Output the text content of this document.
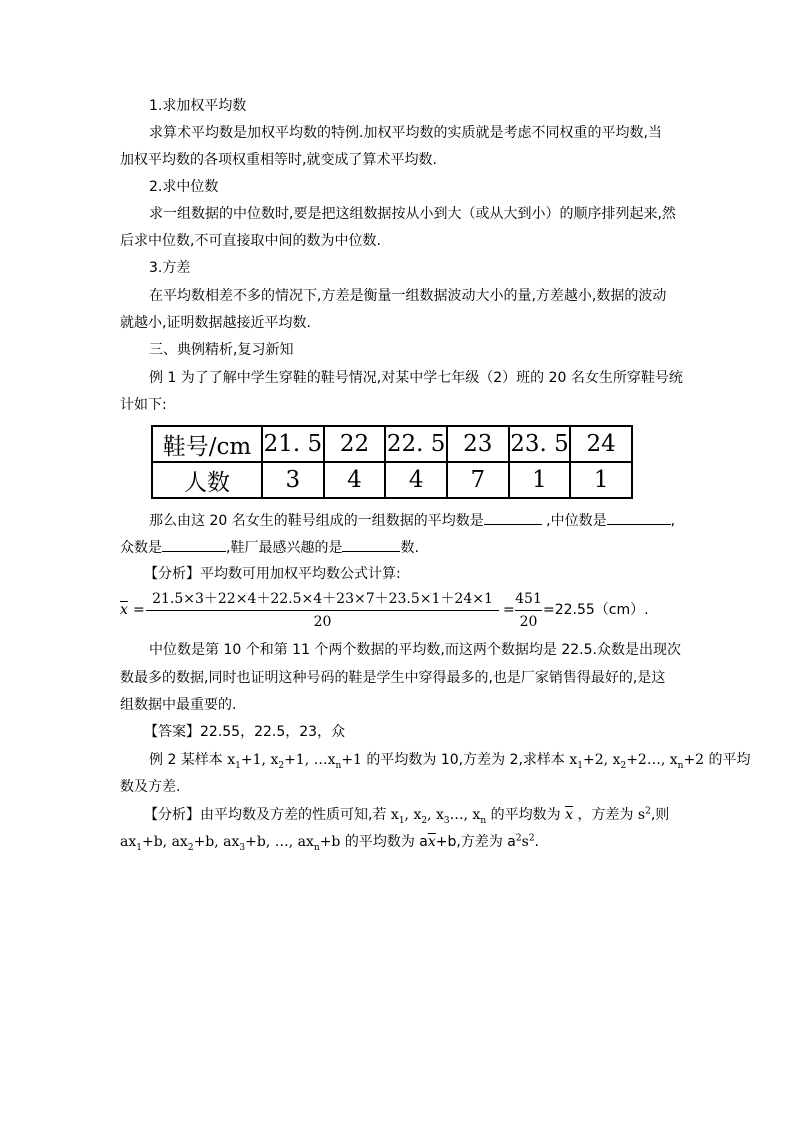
1.求加权平均数
求算术平均数是加权平均数的特例.加权平均数的实质就是考虑不同权重的平均数,当
加权平均数的各项权重相等时,就变成了算术平均数.
2.求中位数
求一组数据的中位数时,要是把这组数据按从小到大（或从大到小）的顺序排列起来,然
后求中位数,不可直接取中间的数为中位数.
3.方差
在平均数相差不多的情况下,方差是衡量一组数据波动大小的量,方差越小,数据的波动
就越小,证明数据越接近平均数.
三、典例精析,复习新知
例 1 为了了解中学生穿鞋的鞋号情况,对某中学七年级（2）班的 20 名女生所穿鞋号统
计如下:
鞋号/cm	21. 5	22	22. 5	23	23. 5	24
人数	3	4	4	7	1	1
那么由这 20 名女生的鞋号组成的一组数据的平均数是	,中位数是	,
众数是	,鞋厂最感兴趣的是	数.
【分析】平均数可用加权平均数公式计算:
$\overline{x}$ =
21.5×3＋22×4＋22.5×4＋23×7＋23.5×1＋24×1
20
=
451
20
=22.55（cm）.
中位数是第 10 个和第 11 个两个数据的平均数,而这两个数据均是 22.5.众数是出现次
数最多的数据,同时也证明这种号码的鞋是学生中穿得最多的,也是厂家销售得最好的,是这
组数据中最重要的.
【答案】22.55，22.5，23，众
例 2 某样本 $x_1+1$, $x_2+1$, $\dots x_n+1$ 的平均数为 10,方差为 2,求样本 $x_1+2$, $x_2+2\dots$, $x_n+2$ 的平均
数及方差.
【分析】由平均数及方差的性质可知,若 $x_1$, $x_2$, $x_3\dots$, $x_n$ 的平均数为 $\overline{x}$ ，方差为 $s^2$,则
$ax_1+b$, $ax_2+b$, $ax_3+b$, …, $ax_n+b$ 的平均数为 $a\overline{x}+b$,方差为 $a^2s^2$.
